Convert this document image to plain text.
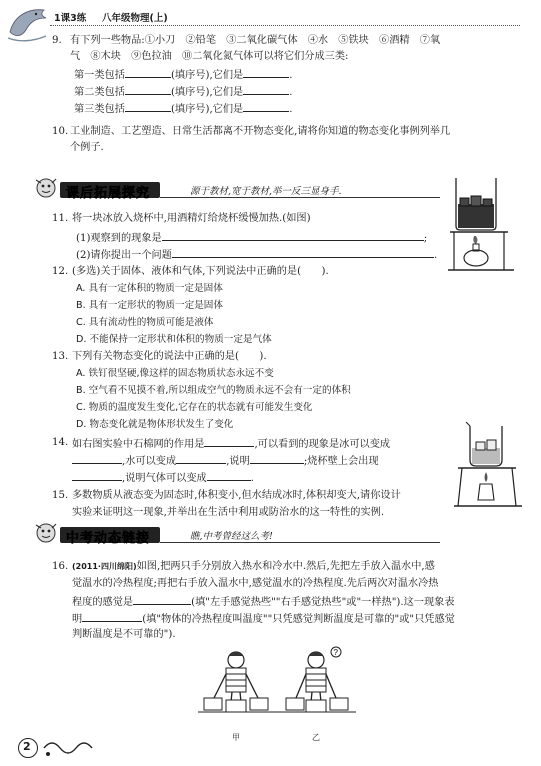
1课3练 八年级物理(上)
9. 有下列一些物品:①小刀　②铅笔　③二氧化碳气体　④水　⑤铁块　⑥酒精　⑦氧
气　⑧木块　⑨色拉油　⑩二氧化氮气体可以将它们分成三类:
第一类包括	(填序号),它们是	.
第二类包括	(填序号),它们是	.
第三类包括	(填序号),它们是	.
10. 工业制造、工艺塑造、日常生活都离不开物态变化,请将你知道的物态变化事例列举几
个例子.
课后拓展探究	源于教材,宽于教材,举一反三显身手.
11. 将一块冰放入烧杯中,用酒精灯给烧杯缓慢加热.(如图)
(1)观察到的现象是	;
(2)请你提出一个问题	.
12. (多选)关于固体、液体和气体,下列说法中正确的是(　　).
A. 具有一定体积的物质一定是固体
B. 具有一定形状的物质一定是固体
C. 具有流动性的物质可能是液体
D. 不能保持一定形状和体积的物质一定是气体
13. 下列有关物态变化的说法中正确的是(　　).
A. 铁钉很坚硬,像这样的固态物质状态永远不变
B. 空气看不见摸不着,所以组成空气的物质永远不会有一定的体积
C. 物质的温度发生变化,它存在的状态就有可能发生变化
D. 物态变化就是物体形状发生了变化
14. 如右图实验中石棉网的作用是	,可以看到的现象是冰可以变成
,水可以变成	,说明	;烧杯壁上会出现
,说明气体可以变成	.
15. 多数物质从液态变为固态时,体积变小,但水结成冰时,体积却变大,请你设计
实验来证明这一现象,并举出在生活中利用或防治水的这一特性的实例.
中考动态链接	瞧,中考曾经这么考!
16. (2011·四川绵阳)如图,把两只手分别放入热水和冷水中.然后,先把左手放入温水中,感
觉温水的冷热程度;再把右手放入温水中,感觉温水的冷热程度.先后两次对温水冷热
程度的感觉是	(填"左手感觉热些""右手感觉热些"或"一样热").这一现象表
明	(填"物体的冷热程度叫温度""只凭感觉判断温度是可靠的"或"只凭感觉
判断温度是不可靠的").
?
甲	乙
2
